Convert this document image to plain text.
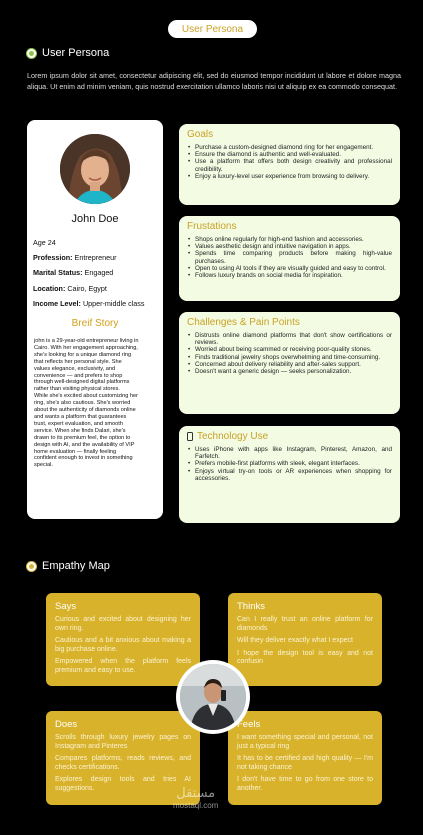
User Persona
User Persona

Lorem ipsum dolor sit amet, consectetur adipiscing elit, sed do eiusmod tempor incididunt ut labore et dolore magna aliqua. Ut enim ad minim veniam, quis nostrud exercitation ullamco laboris nisi ut aliquip ex ea commodo consequat.

John Doe
Age 24
Profession: Entrepreneur
Marital Status: Engaged
Location: Cairo, Egypt
Income Level: Upper-middle class
Breif Story

john is a 29-year-old entrepreneur living in Cairo. With her engagement approaching, she's looking for a unique diamond ring that reflects her personal style. She values elegance, exclusivity, and convenience — and prefers to shop through well-designed digital platforms rather than visiting physical stores.

While she's excited about customizing her ring, she's also cautious. She's worried about the authenticity of diamonds online and wants a platform that guarantees trust, expert evaluation, and smooth service. When she finds Dalari, she's drawn to its premium feel, the option to design with AI, and the availability of VIP home evaluation — finally feeling confident enough to invest in something special.

Goals
• Purchase a custom-designed diamond ring for her engagement.
• Ensure the diamond is authentic and well-evaluated.
• Use a platform that offers both design creativity and professional credibility.
• Enjoy a luxury-level user experience from browsing to delivery.
Frustations
• Shops online regularly for high-end fashion and accessories.
• Values aesthetic design and intuitive navigation in apps.
• Spends time comparing products before making high-value purchases.
• Open to using AI tools if they are visually guided and easy to control.
• Follows luxury brands on social media for inspiration.
Challenges & Pain Points
• Distrusts online diamond platforms that don't show certifications or reviews.
• Worried about being scammed or receiving poor-quality stones.
• Finds traditional jewelry shops overwhelming and time-consuming.
• Concerned about delivery reliability and after-sales support.
• Doesn't want a generic design — seeks personalization.
Technology Use
• Uses iPhone with apps like Instagram, Pinterest, Amazon, and Farfetch.
• Prefers mobile-first platforms with sleek, elegant interfaces.
• Enjoys virtual try-on tools or AR experiences when shopping for accessories.
Empathy Map
Says

Curious and excited about designing her own ring.

Cautious and a bit anxious about making a big purchase online.

Empowered when the platform feels premium and easy to use.

Thinks

Can I really trust an online platform for diamonds

Will they deliver exactly what I expect

I hope the design tool is easy and not confusin

Does

Scrolls through luxury jewelry pages on Instagram and Pinteres

Compares platforms, reads reviews, and checks certifications.

Explores design tools and tries AI suggestions.

Feels

I want something special and personal, not just a typical ring

It has to be certified and high quality — I'm not taking chance

I don't have time to go from one store to another.

مستقل
mostaql.com
